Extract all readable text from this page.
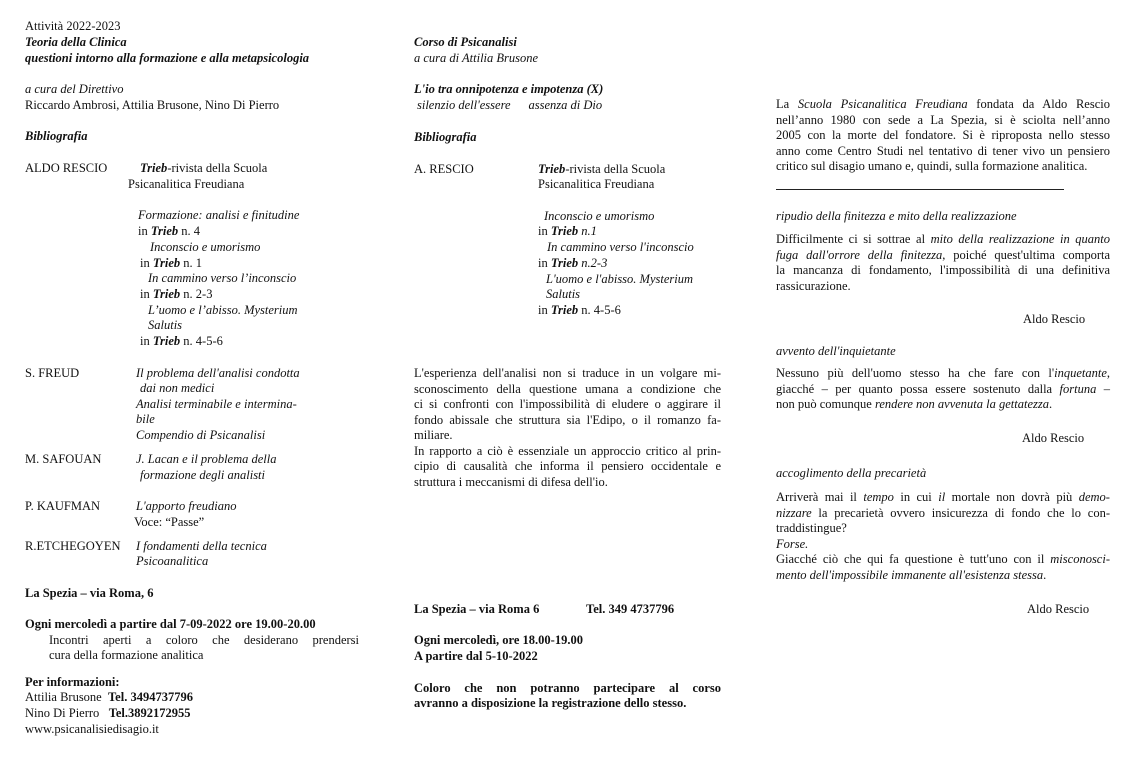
Attività 2022-2023
Teoria della Clinica
questioni intorno alla formazione e alla metapsicologia
a cura del Direttivo
Riccardo Ambrosi, Attilia Brusone, Nino Di Pierro
Bibliografia
ALDO RESCIO	Trieb-rivista della Scuola
Psicanalitica Freudiana
Formazione: analisi e finitudine
in Trieb n. 4
Inconscio e umorismo
in Trieb n. 1
In cammino verso l’inconscio
in Trieb n. 2-3
L’uomo e l’abisso. Mysterium
Salutis
in Trieb n. 4-5-6
S. FREUD	Il problema dell'analisi condotta
dai non medici
Analisi terminabile e intermina-
bile
Compendio di Psicanalisi
M. SAFOUAN	J. Lacan e il problema della
formazione degli analisti
P. KAUFMAN	L'apporto freudiano
Voce: “Passe”
R.ETCHEGOYEN I fondamenti della tecnica
Psicoanalitica
La Spezia – via Roma, 6
Ogni mercoledì a partire dal 7-09-2022 ore 19.00-20.00
Incontri aperti a coloro che desiderano prendersi
cura della formazione analitica
Per informazioni:
Attilia Brusone Tel. 3494737796
Nino Di Pierro Tel.3892172955
www.psicanalisiedisagio.it
Corso di Psicanalisi
a cura di Attilia Brusone
L'io tra onnipotenza e impotenza (X)
silenzio dell'essere assenza di Dio
Bibliografia
A. RESCIO	Trieb-rivista della Scuola
Psicanalitica Freudiana
Inconscio e umorismo
in Trieb n.1
In cammino verso l'inconscio
in Trieb n.2-3
L'uomo e l'abisso. Mysterium
Salutis
in Trieb n. 4-5-6
L'esperienza dell'analisi non si traduce in un volgare mi-
sconoscimento della questione umana a condizione che
ci si confronti con l'impossibilità di eludere o aggirare il
fondo abissale che struttura sia l'Edipo, o il romanzo fa-
miliare.
In rapporto a ciò è essenziale un approccio critico al prin-
cipio di causalità che informa il pensiero occidentale e
struttura i meccanismi di difesa dell'io.
La Spezia – via Roma 6	Tel. 349 4737796
Ogni mercoledì, ore 18.00-19.00
A partire dal 5-10-2022
Coloro che non potranno partecipare al corso
avranno a disposizione la registrazione dello stesso.
La Scuola Psicanalitica Freudiana fondata da Aldo Rescio
nell’anno 1980 con sede a La Spezia, si è sciolta nell’anno
2005 con la morte del fondatore. Si è riproposta nello stesso
anno come Centro Studi nel tentativo di tener vivo un pensiero
critico sul disagio umano e, quindi, sulla formazione analitica.
ripudio della finitezza e mito della realizzazione
Difficilmente ci si sottrae al mito della realizzazione in quanto
fuga dall'orrore della finitezza, poiché quest'ultima comporta
la mancanza di fondamento, l'impossibilità di una definitiva
rassicurazione.
Aldo Rescio
avvento dell'inquietante
Nessuno più dell'uomo stesso ha che fare con l'inquetante,
giacché – per quanto possa essere sostenuto dalla fortuna –
non può comunque rendere non avvenuta la gettatezza.
Aldo Rescio
accoglimento della precarietà
Arriverà mai il tempo in cui il mortale non dovrà più demo-
nizzare la precarietà ovvero insicurezza di fondo che lo con-
traddistingue?
Forse.
Giacché ciò che qui fa questione è tutt'uno con il misconosci-
mento dell'impossibile immanente all'esistenza stessa.
Aldo Rescio
